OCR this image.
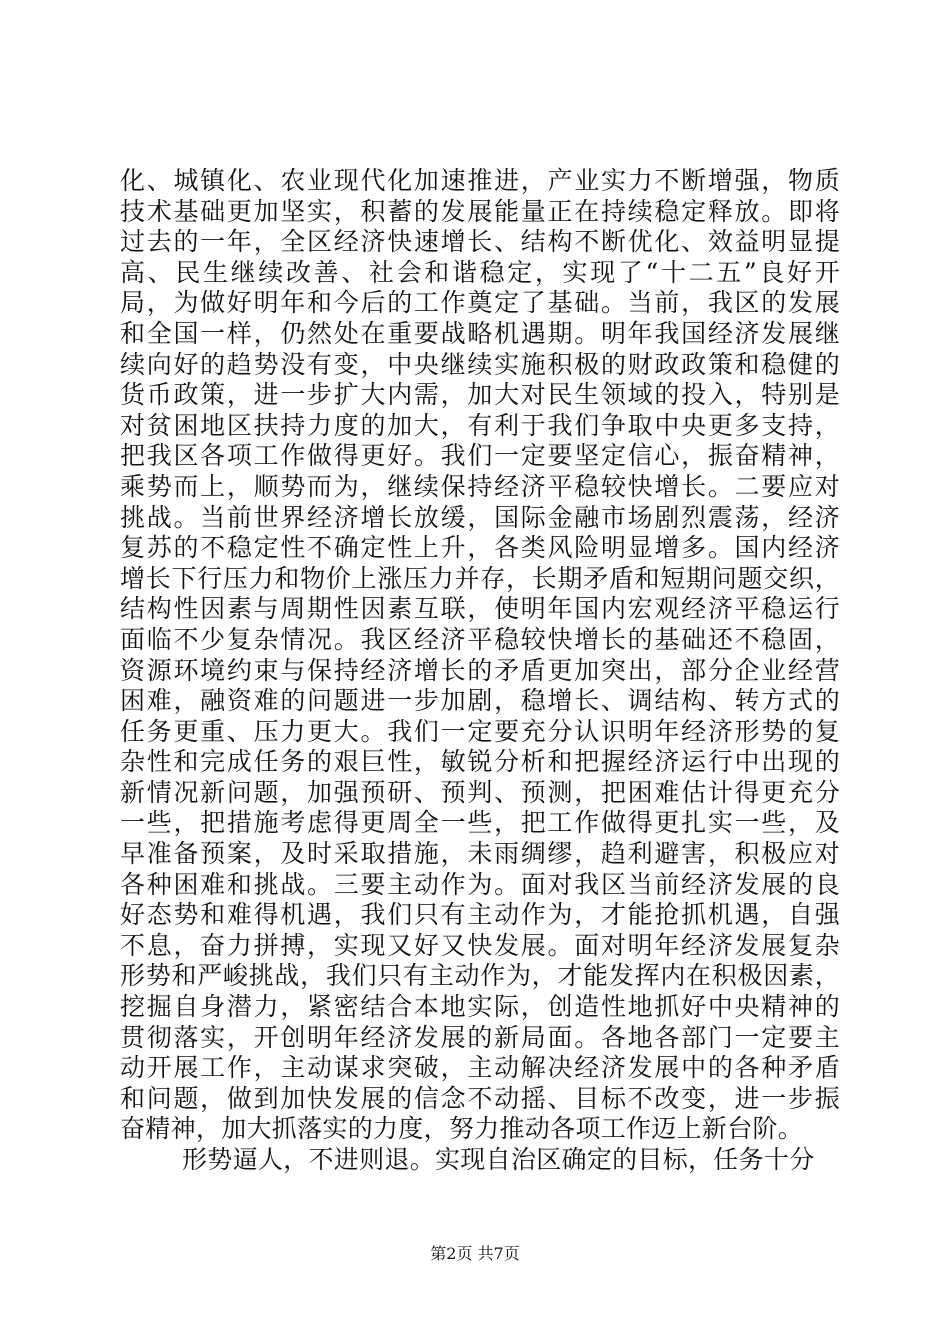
化、城镇化、农业现代化加速推进，产业实力不断增强，物质
技术基础更加坚实，积蓄的发展能量正在持续稳定释放。即将
过去的一年，全区经济快速增长、结构不断优化、效益明显提
高、民生继续改善、社会和谐稳定，实现了“十二五”良好开
局，为做好明年和今后的工作奠定了基础。当前，我区的发展
和全国一样，仍然处在重要战略机遇期。明年我国经济发展继
续向好的趋势没有变，中央继续实施积极的财政政策和稳健的
货币政策，进一步扩大内需，加大对民生领域的投入，特别是
对贫困地区扶持力度的加大，有利于我们争取中央更多支持，
把我区各项工作做得更好。我们一定要坚定信心，振奋精神，
乘势而上，顺势而为，继续保持经济平稳较快增长。二要应对
挑战。当前世界经济增长放缓，国际金融市场剧烈震荡，经济
复苏的不稳定性不确定性上升，各类风险明显增多。国内经济
增长下行压力和物价上涨压力并存，长期矛盾和短期问题交织，
结构性因素与周期性因素互联，使明年国内宏观经济平稳运行
面临不少复杂情况。我区经济平稳较快增长的基础还不稳固，
资源环境约束与保持经济增长的矛盾更加突出，部分企业经营
困难，融资难的问题进一步加剧，稳增长、调结构、转方式的
任务更重、压力更大。我们一定要充分认识明年经济形势的复
杂性和完成任务的艰巨性，敏锐分析和把握经济运行中出现的
新情况新问题，加强预研、预判、预测，把困难估计得更充分
一些，把措施考虑得更周全一些，把工作做得更扎实一些，及
早准备预案，及时采取措施，未雨绸缪，趋利避害，积极应对
各种困难和挑战。三要主动作为。面对我区当前经济发展的良
好态势和难得机遇，我们只有主动作为，才能抢抓机遇，自强
不息，奋力拼搏，实现又好又快发展。面对明年经济发展复杂
形势和严峻挑战，我们只有主动作为，才能发挥内在积极因素，
挖掘自身潜力，紧密结合本地实际，创造性地抓好中央精神的
贯彻落实，开创明年经济发展的新局面。各地各部门一定要主
动开展工作，主动谋求突破，主动解决经济发展中的各种矛盾
和问题，做到加快发展的信念不动摇、目标不改变，进一步振
奋精神，加大抓落实的力度，努力推动各项工作迈上新台阶。
形势逼人，不进则退。实现自治区确定的目标，任务十分
第2页 共7页
